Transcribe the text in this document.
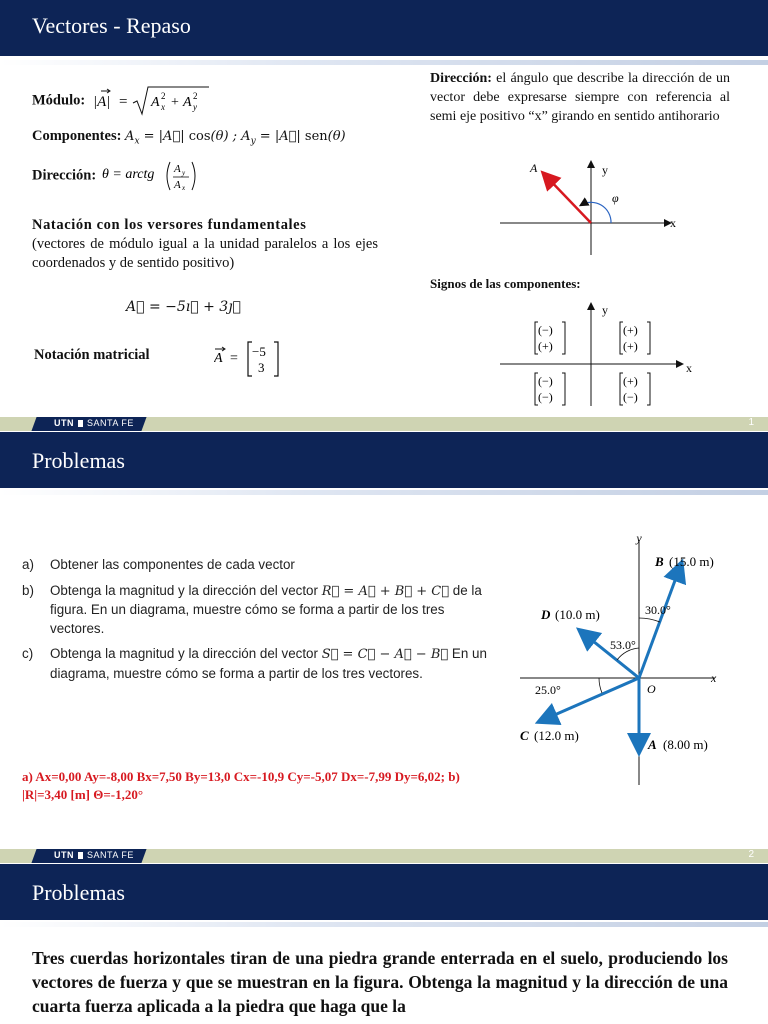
Vectores - Repaso
Módulo: |A| = A x
2 + A y
2
Componentes: $A_x$ = |A⃗| cos(θ) ; $A_y$ = |A⃗| sen(θ)
Dirección: θ = arctg A y
A x
Natación con los versores fundamentales
(vectores de módulo igual a la unidad paralelos a los ejes coordenados y de sentido positivo)
A⃗ = −5ı⃗ + 3ȷ⃗
Notación matricial	A = −5
3
Dirección: el ángulo que describe la dirección de un vector debe expresarse siempre con referencia al semi eje positivo “x” girando en sentido antihorario
A	y
x
φ
Signos de las componentes:
y
x
(−)
(+)
(+)
(+)
(−)
(−)
(+)
(−)
UTN SANTA FE	1
Problemas
UTN SANTA FE	2
a)	Obtener las componentes de cada vector
b)	Obtenga la magnitud y la dirección del vector R⃗ = A⃗ + B⃗ + C⃗ de la figura. En un diagrama, muestre cómo se forma a partir de los tres vectores.
c)	Obtenga la magnitud y la dirección del vector S⃗ = C⃗ − A⃗ − B⃗ En un diagrama, muestre cómo se forma a partir de los tres vectores.
a) Ax=0,00 Ay=-8,00 Bx=7,50 By=13,0 Cx=-10,9 Cy=-5,07 Dx=-7,99 Dy=6,02; b) |R|=3,40 [m] Θ=-1,20°
y
x
O
B (15.0 m)
30.0°
D (10.0 m)
53.0°
25.0°
C (12.0 m)
A (8.00 m)
Problemas
Tres cuerdas horizontales tiran de una piedra grande enterrada en el suelo, produciendo los vectores de fuerza y que se muestran en la figura. Obtenga la magnitud y la dirección de una cuarta fuerza aplicada a la piedra que haga que la
